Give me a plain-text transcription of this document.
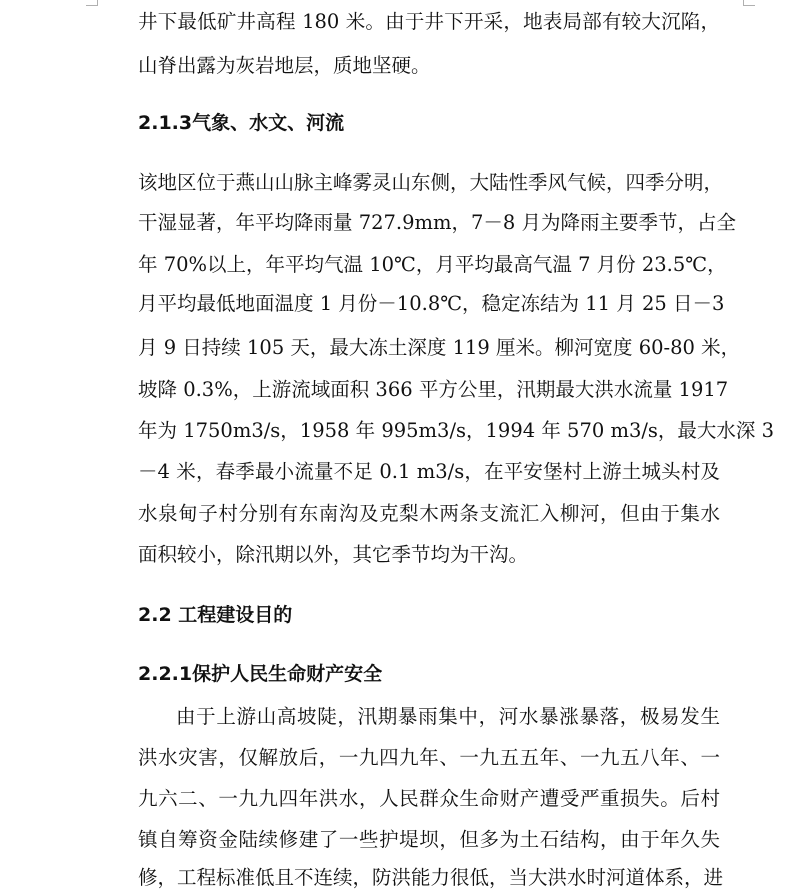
井下最低矿井高程 180 米。由于井下开采，地表局部有较大沉陷，
山脊出露为灰岩地层，质地坚硬。
2.1.3气象、水文、河流
该地区位于燕山山脉主峰雾灵山东侧，大陆性季风气候，四季分明，
干湿显著，年平均降雨量 727.9mm，7－8 月为降雨主要季节，占全
年 70%以上，年平均气温 10℃，月平均最高气温 7 月份 23.5℃，
月平均最低地面温度 1 月份－10.8℃，稳定冻结为 11 月 25 日－3
月 9 日持续 105 天，最大冻土深度 119 厘米。柳河宽度 60-80 米，
坡降 0.3%，上游流域面积 366 平方公里，汛期最大洪水流量 1917
年为 1750m3/s，1958 年 995m3/s，1994 年 570 m3/s，最大水深 3
－4 米，春季最小流量不足 0.1 m3/s，在平安堡村上游土城头村及
水泉甸子村分别有东南沟及克梨木两条支流汇入柳河，但由于集水
面积较小，除汛期以外，其它季节均为干沟。
2.2 工程建设目的
2.2.1保护人民生命财产安全
由于上游山高坡陡，汛期暴雨集中，河水暴涨暴落，极易发生
洪水灾害，仅解放后，一九四九年、一九五五年、一九五八年、一
九六二、一九九四年洪水，人民群众生命财产遭受严重损失。后村
镇自筹资金陆续修建了一些护堤坝，但多为土石结构，由于年久失
修，工程标准低且不连续，防洪能力很低，当大洪水时河道体系，进
